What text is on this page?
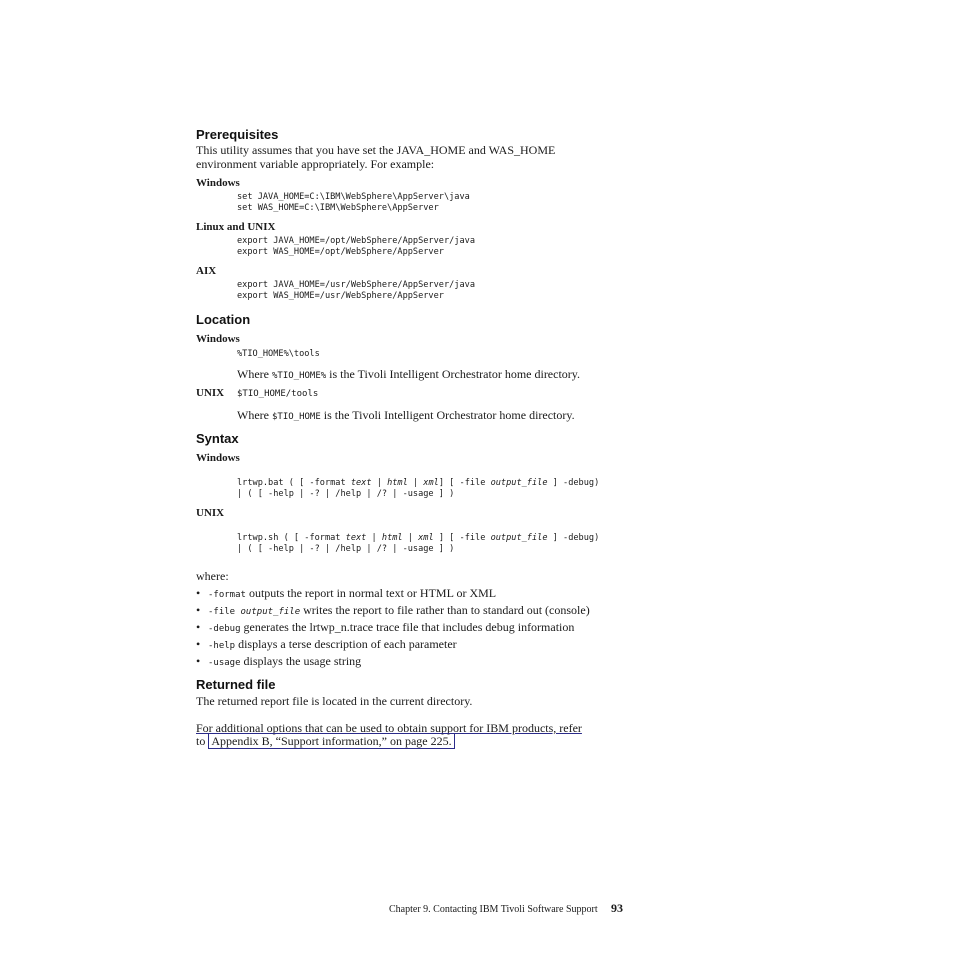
Prerequisites
This utility assumes that you have set the JAVA_HOME and WAS_HOME
environment variable appropriately. For example:
Windows
set JAVA_HOME=C:\IBM\WebSphere\AppServer\java
set WAS_HOME=C:\IBM\WebSphere\AppServer
Linux and UNIX
export JAVA_HOME=/opt/WebSphere/AppServer/java
export WAS_HOME=/opt/WebSphere/AppServer
AIX
export JAVA_HOME=/usr/WebSphere/AppServer/java
export WAS_HOME=/usr/WebSphere/AppServer
Location
Windows
%TIO_HOME%\tools
Where %TIO_HOME% is the Tivoli Intelligent Orchestrator home directory.
UNIX $TIO_HOME/tools
Where $TIO_HOME is the Tivoli Intelligent Orchestrator home directory.
Syntax
Windows
lrtwp.bat ( [ -format text | html | xml] [ -file output_file ] -debug)
| ( [ -help | -? | /help | /? | -usage ] )
UNIX
lrtwp.sh ( [ -format text | html | xml ] [ -file output_file ] -debug)
| ( [ -help | -? | /help | /? | -usage ] )
where:
• -format outputs the report in normal text or HTML or XML
• -file output_file writes the report to file rather than to standard out (console)
• -debug generates the lrtwp_n.trace trace file that includes debug information
• -help displays a terse description of each parameter
• -usage displays the usage string
Returned file
The returned report file is located in the current directory.
For additional options that can be used to obtain support for IBM products, refer
to Appendix B, “Support information,” on page 225.
Chapter 9. Contacting IBM Tivoli Software Support 93
